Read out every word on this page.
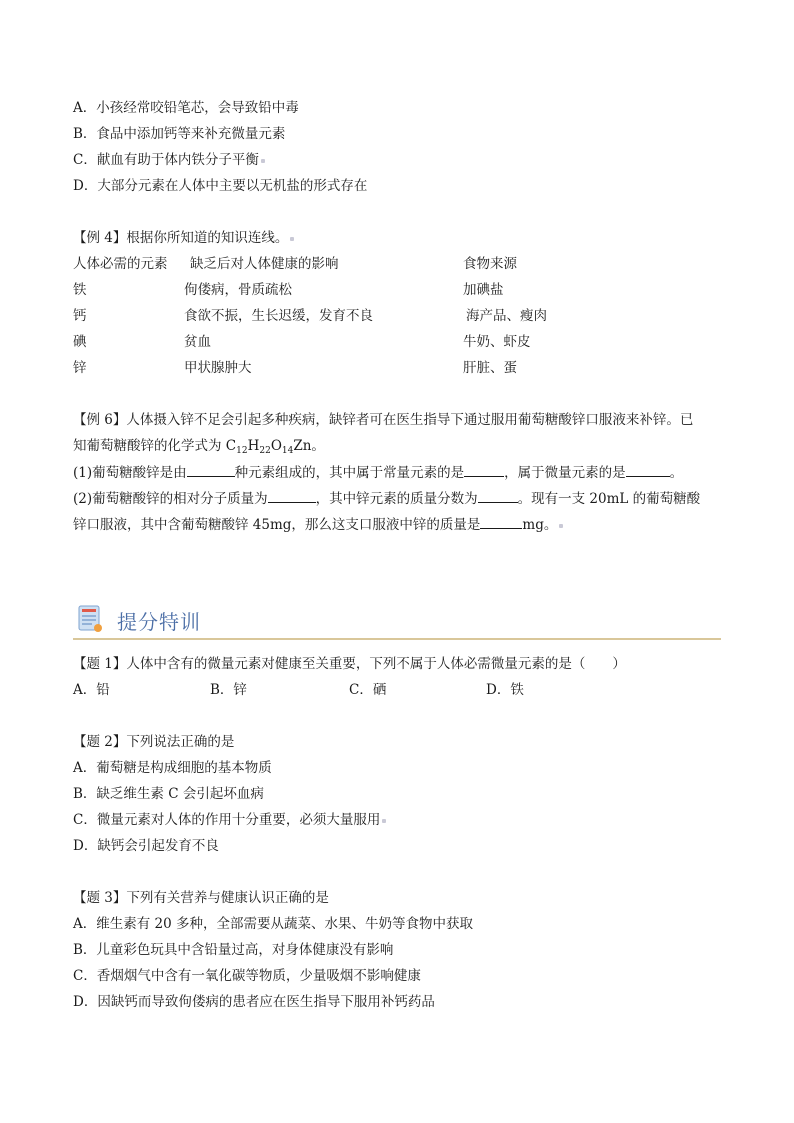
A．小孩经常咬铅笔芯，会导致铅中毒
B．食品中添加钙等来补充微量元素
C．献血有助于体内铁分子平衡
D．大部分元素在人体中主要以无机盐的形式存在
【例 4】根据你所知道的知识连线。
人体必需的元素 缺乏后对人体健康的影响	食物来源
铁	佝偻病，骨质疏松	加碘盐
钙	食欲不振，生长迟缓，发育不良	海产品、瘦肉
碘	贫血	牛奶、虾皮
锌	甲状腺肿大	肝脏、蛋
【例 6】人体摄入锌不足会引起多种疾病，缺锌者可在医生指导下通过服用葡萄糖酸锌口服液来补锌。已
知葡萄糖酸锌的化学式为 $C_{12}H_{22}O_{14}Zn$。
(1)葡萄糖酸锌是由	种元素组成的，其中属于常量元素的是	，属于微量元素的是	。
(2)葡萄糖酸锌的相对分子质量为	，其中锌元素的质量分数为	。现有一支 20mL 的葡萄糖酸
锌口服液，其中含葡萄糖酸锌 45mg，那么这支口服液中锌的质量是	mg。
提分特训
【题 1】人体中含有的微量元素对健康至关重要，下列不属于人体必需微量元素的是（　　）
A．铅	B．锌	C．硒	D．铁
【题 2】下列说法正确的是
A．葡萄糖是构成细胞的基本物质
B．缺乏维生素 C 会引起坏血病
C．微量元素对人体的作用十分重要，必须大量服用
D．缺钙会引起发育不良
【题 3】下列有关营养与健康认识正确的是
A．维生素有 20 多种，全部需要从蔬菜、水果、牛奶等食物中获取
B．儿童彩色玩具中含铅量过高，对身体健康没有影响
C．香烟烟气中含有一氧化碳等物质，少量吸烟不影响健康
D．因缺钙而导致佝偻病的患者应在医生指导下服用补钙药品
